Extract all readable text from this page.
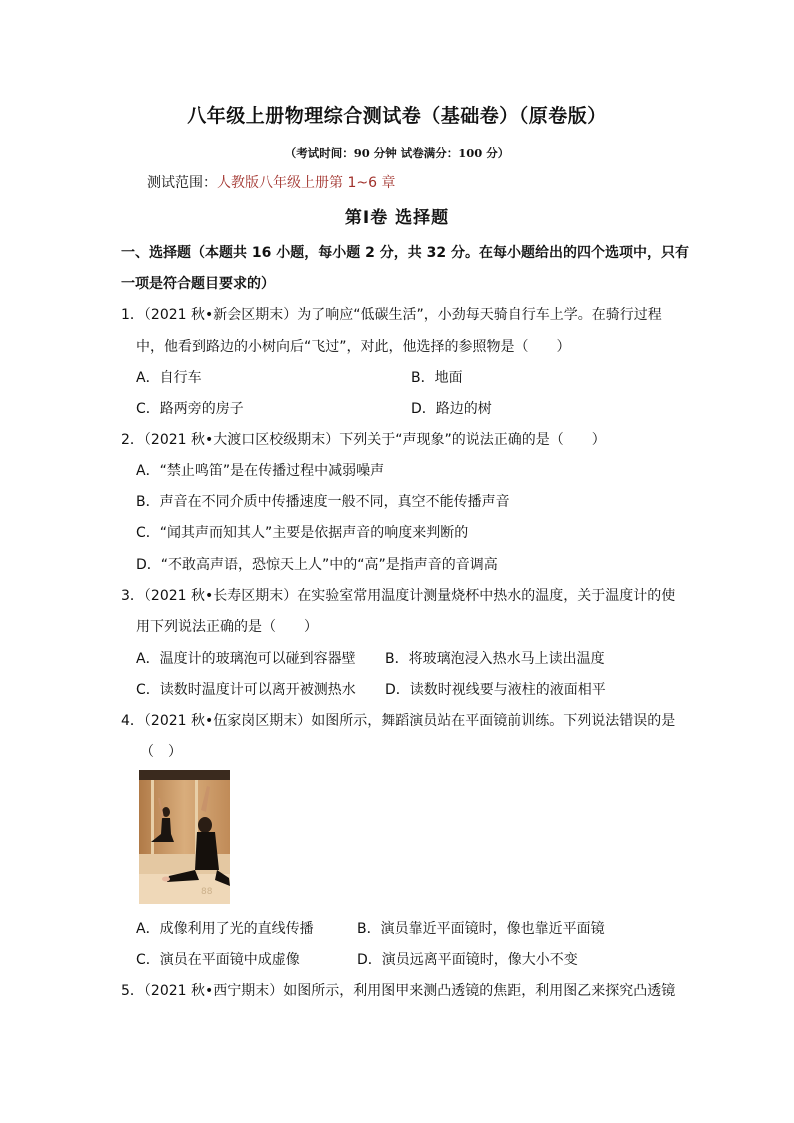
八年级上册物理综合测试卷（基础卷）（原卷版）
（考试时间：90 分钟 试卷满分：100 分）
测试范围：人教版八年级上册第 1~6 章
第Ⅰ卷 选择题
一、选择题（本题共 16 小题，每小题 2 分，共 32 分。在每小题给出的四个选项中，只有
一项是符合题目要求的）
1．（2021 秋•新会区期末）为了响应“低碳生活”，小劲每天骑自行车上学。在骑行过程
中，他看到路边的小树向后“飞过”，对此，他选择的参照物是（　　）
A．自行车	B．地面
C．路两旁的房子	D．路边的树
2．（2021 秋•大渡口区校级期末）下列关于“声现象”的说法正确的是（　　）
A．“禁止鸣笛”是在传播过程中减弱噪声
B．声音在不同介质中传播速度一般不同，真空不能传播声音
C．“闻其声而知其人”主要是依据声音的响度来判断的
D．“不敢高声语，恐惊天上人”中的“高”是指声音的音调高
3．（2021 秋•长寿区期末）在实验室常用温度计测量烧杯中热水的温度，关于温度计的使
用下列说法正确的是（　　）
A．温度计的玻璃泡可以碰到容器壁 B．将玻璃泡浸入热水马上读出温度
C．读数时温度计可以离开被测热水 D．读数时视线要与液柱的液面相平
4．（2021 秋•伍家岗区期末）如图所示，舞蹈演员站在平面镜前训练。下列说法错误的是
（　）
88
A．成像利用了光的直线传播	B．演员靠近平面镜时，像也靠近平面镜
C．演员在平面镜中成虚像	D．演员远离平面镜时，像大小不变
5．（2021 秋•西宁期末）如图所示，利用图甲来测凸透镜的焦距，利用图乙来探究凸透镜
